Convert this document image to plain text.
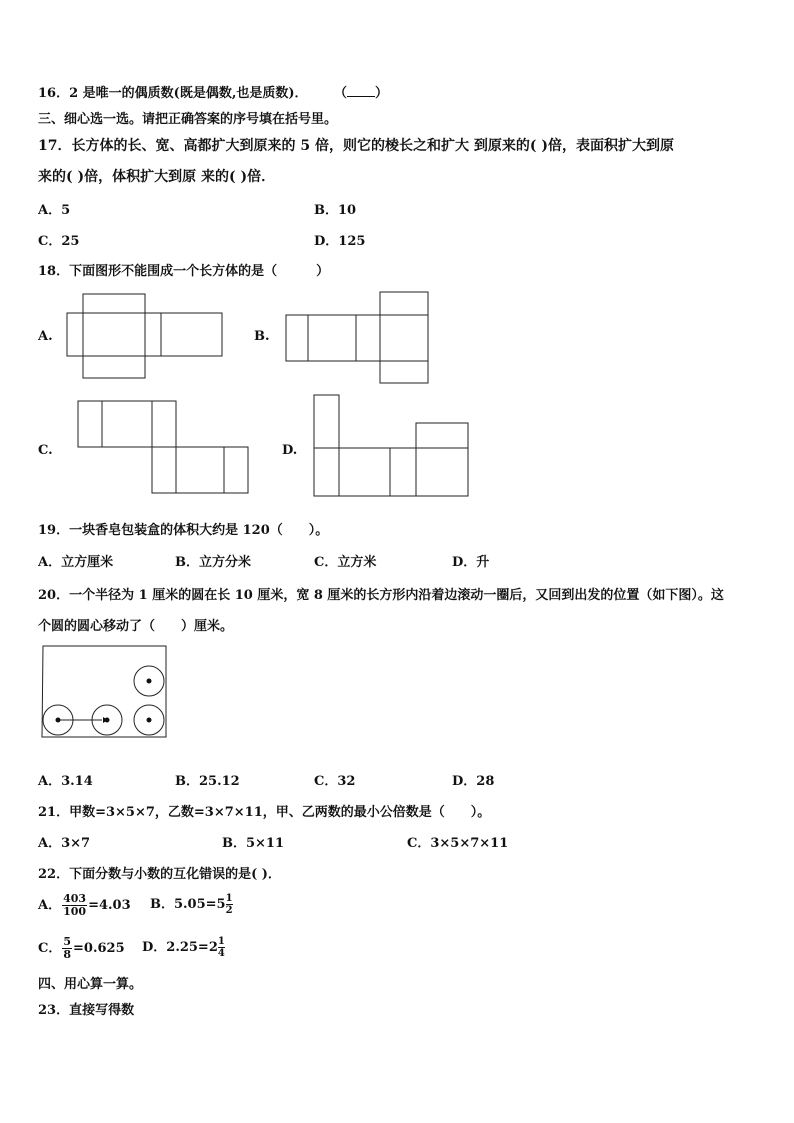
16．2 是唯一的偶质数(既是偶数,也是质数)． （ ）
三、细心选一选。请把正确答案的序号填在括号里。
17．长方体的长、宽、高都扩大到原来的 5 倍，则它的棱长之和扩大 到原来的( )倍，表面积扩大到原
来的( )倍，体积扩大到原 来的( )倍．
A．5	B．10
C．25	D．125
18．下面图形不能围成一个长方体的是（　　　）
A.	B.
C.	D.
19．一块香皂包装盒的体积大约是 120（　　）。
A．立方厘米	B．立方分米	C．立方米	D．升
20．一个半径为 1 厘米的圆在长 10 厘米，宽 8 厘米的长方形内沿着边滚动一圈后，又回到出发的位置（如下图）。这
个圆的圆心移动了（　　）厘米。
A．3.14	B．25.12	C．32	D．28
21．甲数=3×5×7，乙数=3×7×11，甲、乙两数的最小公倍数是（　　）。
A．3×7	B．5×11	C．3×5×7×11
22．下面分数与小数的互化错误的是( )．
A． $\frac{403}{100} =4.03$ B．$5.05=5 \frac{1}{2}$
C． $\frac{5}{8} =0.625$ D．$2.25=2 \frac{1}{4}$
四、用心算一算。
23．直接写得数
